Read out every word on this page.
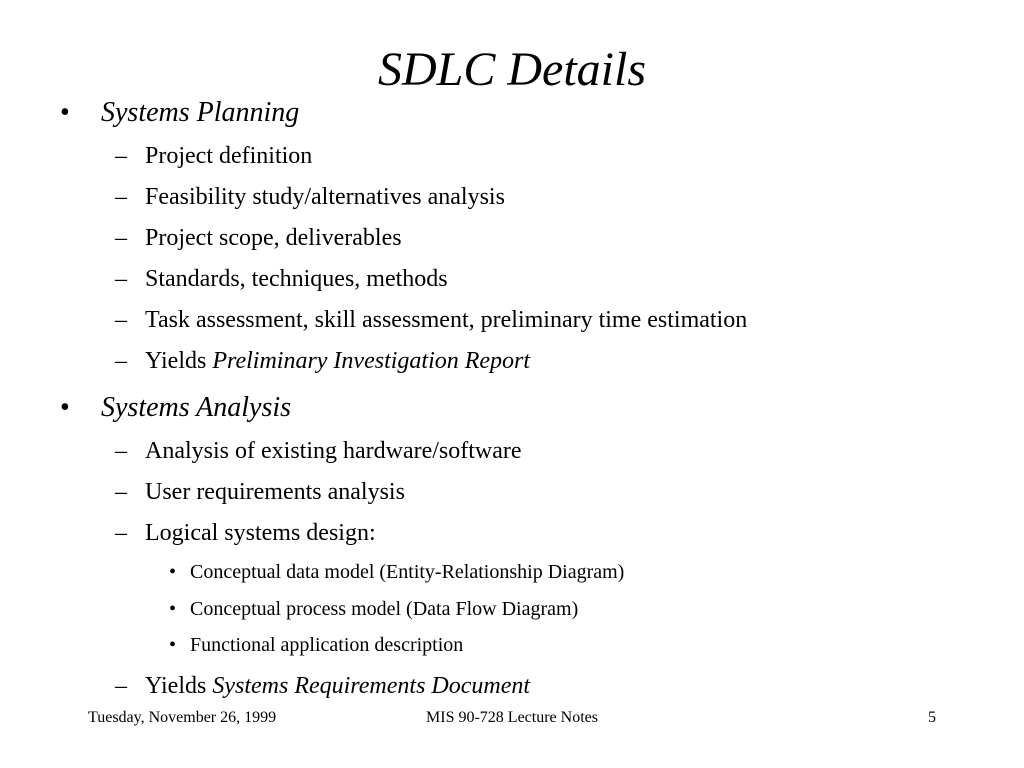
SDLC Details
• Systems Planning
– Project definition
– Feasibility study/alternatives analysis
– Project scope, deliverables
– Standards, techniques, methods
– Task assessment, skill assessment, preliminary time estimation
– Yields Preliminary Investigation Report
• Systems Analysis
– Analysis of existing hardware/software
– User requirements analysis
– Logical systems design:
• Conceptual data model (Entity-Relationship Diagram)
• Conceptual process model (Data Flow Diagram)
• Functional application description
– Yields Systems Requirements Document
Tuesday, November 26, 1999	MIS 90-728 Lecture Notes	5
